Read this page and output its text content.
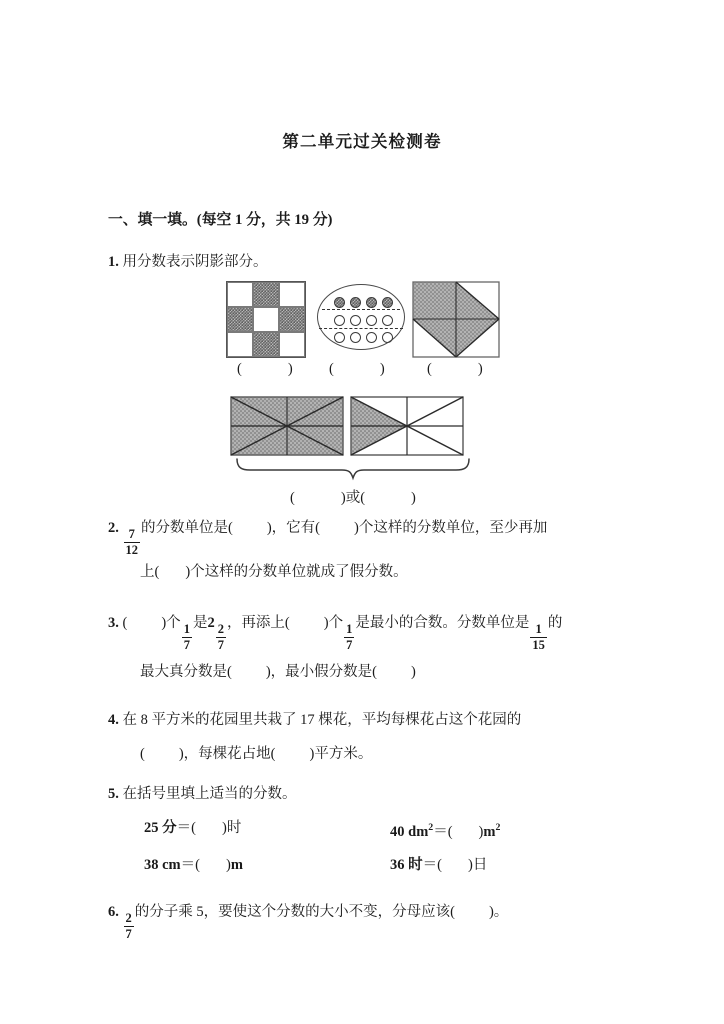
第二单元过关检测卷
一、填一填。(每空 1 分，共 19 分)
1. 用分数表示阴影部分。
(	)	(	)	(	)
(	)或(	)
2. $\frac{7}{12}$ 的分数单位是( )，它有( )个这样的分数单位，至少再加
上( )个这样的分数单位就成了假分数。
3. ( )个 $\frac{1}{7}$ 是$2 \frac{2}{7}$ ，再添上( )个 $\frac{1}{7}$ 是最小的合数。分数单位是 $\frac{1}{15}$ 的
最大真分数是( )，最小假分数是( )
4. 在 8 平方米的花园里共栽了 17 棵花，平均每棵花占这个花园的
( )，每棵花占地( )平方米。
5. 在括号里填上适当的分数。
25 分＝( )时	40 $dm^2=$( )$m^2$
38 cm＝( )m	36 时＝( )日
6. $\frac{2}{7}$ 的分子乘 5，要使这个分数的大小不变，分母应该( )。
